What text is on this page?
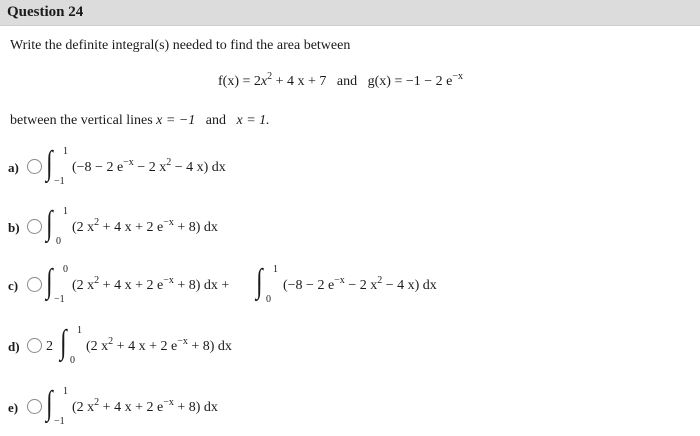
Question 24
Write the definite integral(s) needed to find the area between
$f(x) = 2x^2 + 4$ x + 7 and g(x) = −1 − 2 $e^{-x}$
between the vertical lines x = −1 and x = 1.
a) ∫ 1
−1
(−8 − 2 $e^{-x} - 2$ $x^2 - 4$ x) dx
b) ∫ 1
0
(2 $x^2 + 4$ x + 2 $e^{-x} + 8$) dx
c) ∫ 0
−1
(2 $x^2 + 4$ x + 2 $e^{-x} + 8$) dx + ∫ 1
0
(−8 − 2 $e^{-x} - 2$ $x^2 - 4$ x) dx
d) 2 ∫ 1
0
(2 $x^2 + 4$ x + 2 $e^{-x} + 8$) dx
e) ∫ 1
−1
(2 $x^2 + 4$ x + 2 $e^{-x} + 8$) dx
